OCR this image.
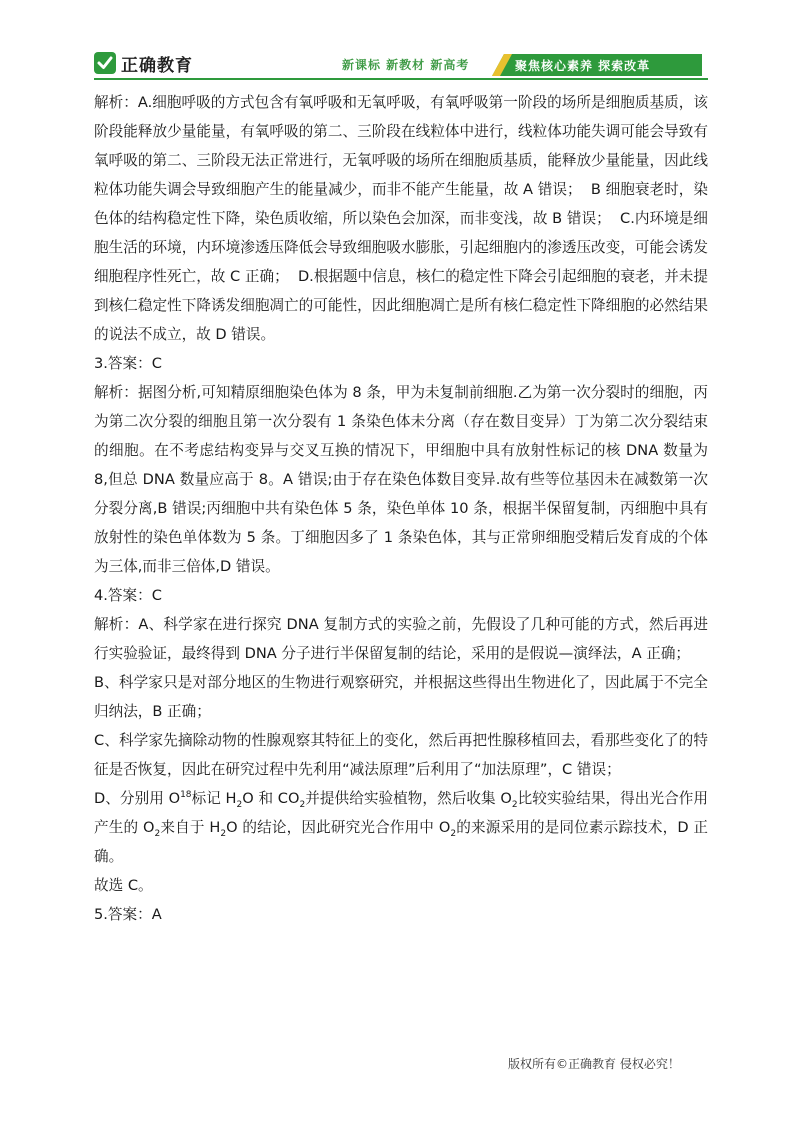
正确教育	新课标 新教材 新高考	聚焦核心素养 探索改革

解析：A.细胞呼吸的方式包含有氧呼吸和无氧呼吸，有氧呼吸第一阶段的场所是细胞质基质，该阶段能释放少量能量，有氧呼吸的第二、三阶段在线粒体中进行，线粒体功能失调可能会导致有氧呼吸的第二、三阶段无法正常进行，无氧呼吸的场所在细胞质基质，能释放少量能量，因此线粒体功能失调会导致细胞产生的能量减少，而非不能产生能量，故 A 错误；  B 细胞衰老时，染色体的结构稳定性下降，染色质收缩，所以染色会加深，而非变浅，故 B 错误；  C.内环境是细胞生活的环境，内环境渗透压降低会导致细胞吸水膨胀，引起细胞内的渗透压改变，可能会诱发细胞程序性死亡，故 C 正确；  D.根据题中信息，核仁的稳定性下降会引起细胞的衰老，并未提到核仁稳定性下降诱发细胞凋亡的可能性，因此细胞凋亡是所有核仁稳定性下降细胞的必然结果的说法不成立，故 D 错误。

3.答案：C

解析：据图分析,可知精原细胞染色体为 8 条，甲为未复制前细胞.乙为第一次分裂时的细胞，丙为第二次分裂的细胞且第一次分裂有 1 条染色体未分离（存在数目变异）丁为第二次分裂结束的细胞。在不考虑结构变异与交叉互换的情况下，甲细胞中具有放射性标记的核 DNA 数量为 8,但总 DNA 数量应高于 8。A 错误;由于存在染色体数目变异.故有些等位基因未在减数第一次分裂分离,B 错误;丙细胞中共有染色体 5 条，染色单体 10 条，根据半保留复制，丙细胞中具有放射性的染色单体数为 5 条。丁细胞因多了 1 条染色体，其与正常卵细胞受精后发育成的个体为三体,而非三倍体,D 错误。

4.答案：C

解析：A、科学家在进行探究 DNA 复制方式的实验之前，先假设了几种可能的方式，然后再进行实验验证，最终得到 DNA 分子进行半保留复制的结论，采用的是假说—演绎法，A 正确；

B、科学家只是对部分地区的生物进行观察研究，并根据这些得出生物进化了，因此属于不完全归纳法，B 正确；

C、科学家先摘除动物的性腺观察其特征上的变化，然后再把性腺移植回去，看那些变化了的特征是否恢复，因此在研究过程中先利用“减法原理”后利用了“加法原理”，C 错误；

D、分别用 $O^{18}$标记 $H_2O$ 和 $CO_2$并提供给实验植物，然后收集 $O_2$比较实验结果，得出光合作用产生的 $O_2$来自于 $H_2O$ 的结论，因此研究光合作用中 $O_2$的来源采用的是同位素示踪技术，D 正确。

故选 C。

5.答案：A

版权所有©正确教育 侵权必究！
